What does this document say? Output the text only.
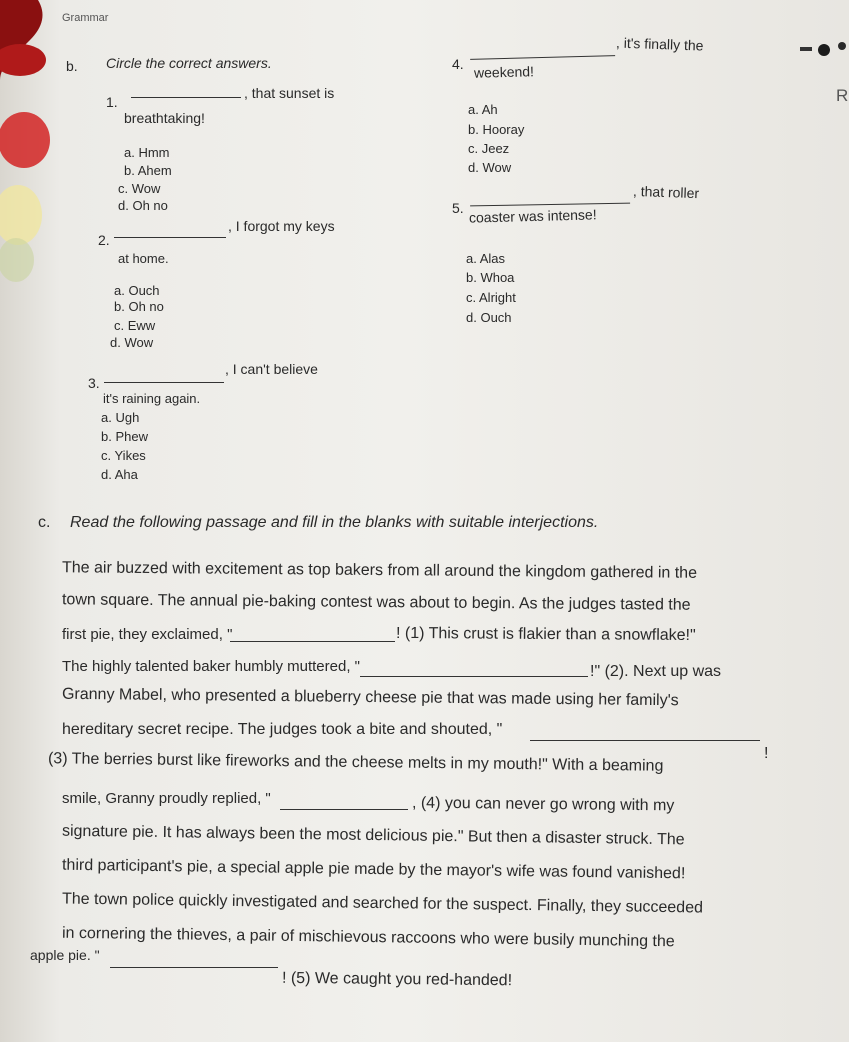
Grammar
b. Circle the correct answers.
1.
, that sunset is
breathtaking!
a. Hmm
b. Ahem
c. Wow
d. Oh no
2.
, I forgot my keys
at home.
a. Ouch
b. Oh no
c. Eww
d. Wow
3.
, I can't believe
it's raining again.
a. Ugh
b. Phew
c. Yikes
d. Aha
4.
, it's finally the
weekend!
a. Ah
b. Hooray
c. Jeez
d. Wow
R
5.
, that roller
coaster was intense!
a. Alas
b. Whoa
c. Alright
d. Ouch
c. Read the following passage and fill in the blanks with suitable interjections.
The air buzzed with excitement as top bakers from all around the kingdom gathered in the
town square. The annual pie-baking contest was about to begin. As the judges tasted the
first pie, they exclaimed, "	! (1) This crust is flakier than a snowflake!"
The highly talented baker humbly muttered, "	!" (2). Next up was
Granny Mabel, who presented a blueberry cheese pie that was made using her family's
hereditary secret recipe. The judges took a bite and shouted, "
!
(3) The berries burst like fireworks and the cheese melts in my mouth!" With a beaming
smile, Granny proudly replied, "	, (4) you can never go wrong with my
signature pie. It has always been the most delicious pie." But then a disaster struck. The
third participant's pie, a special apple pie made by the mayor's wife was found vanished!
The town police quickly investigated and searched for the suspect. Finally, they succeeded
in cornering the thieves, a pair of mischievous raccoons who were busily munching the
apple pie. "
! (5) We caught you red-handed!
